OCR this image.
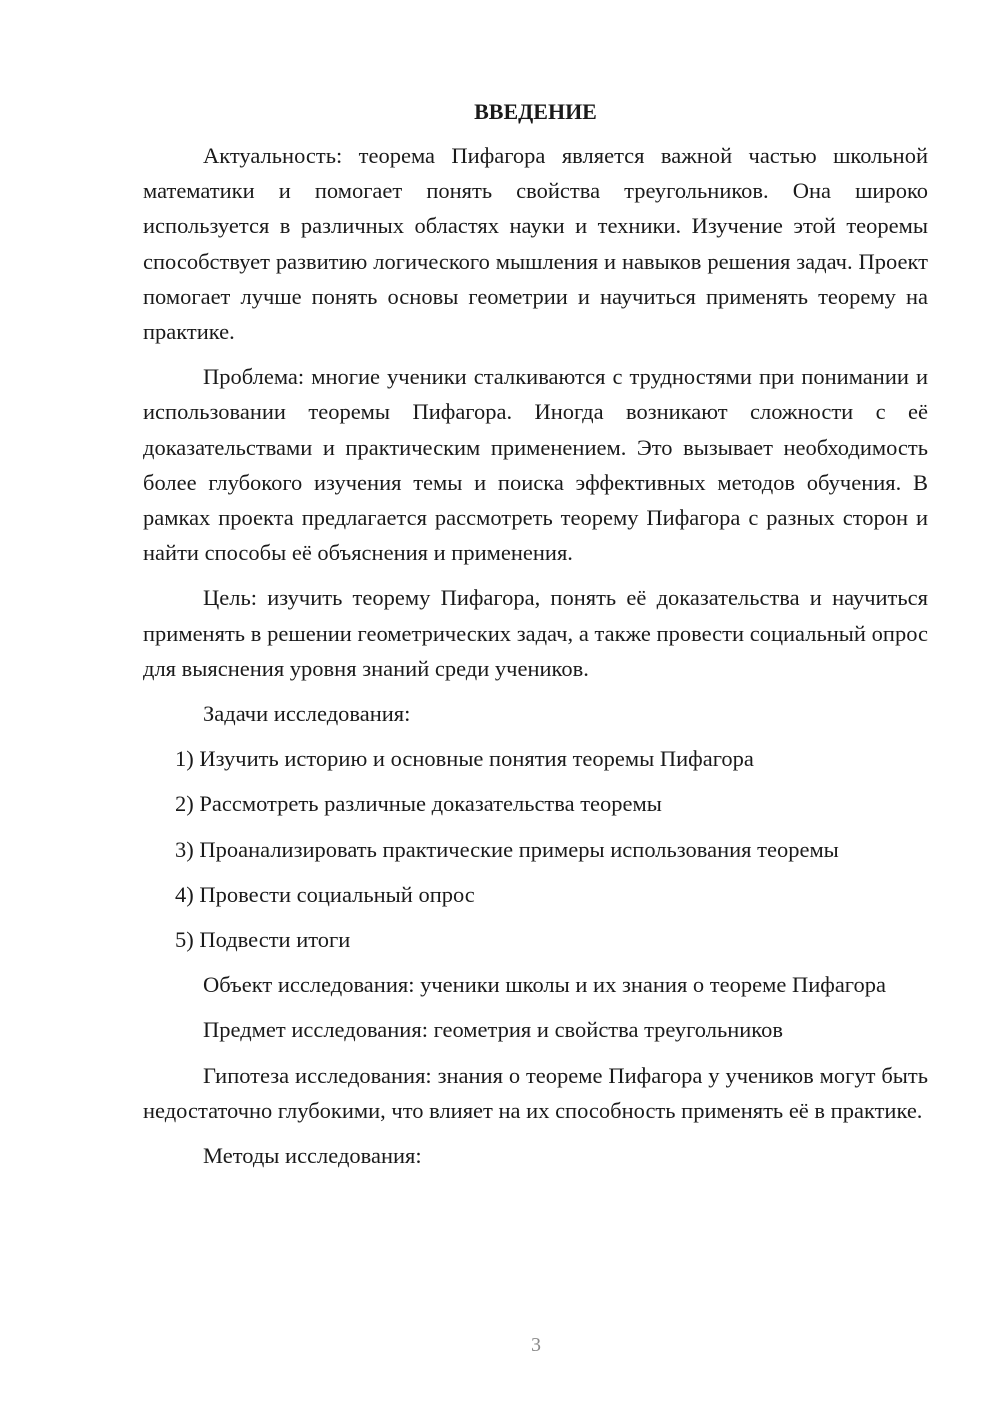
ВВЕДЕНИЕ

Актуальность: теорема Пифагора является важной частью школьной математики и помогает понять свойства треугольников. Она широко используется в различных областях науки и техники. Изучение этой теоремы способствует развитию логического мышления и навыков решения задач. Проект помогает лучше понять основы геометрии и научиться применять теорему на практике.

Проблема: многие ученики сталкиваются с трудностями при понимании и использовании теоремы Пифагора. Иногда возникают сложности с её доказательствами и практическим применением. Это вызывает необходимость более глубокого изучения темы и поиска эффективных методов обучения. В рамках проекта предлагается рассмотреть теорему Пифагора с разных сторон и найти способы её объяснения и применения.

Цель: изучить теорему Пифагора, понять её доказательства и научиться применять в решении геометрических задач, а также провести социальный опрос для выяснения уровня знаний среди учеников.

Задачи исследования:

1) Изучить историю и основные понятия теоремы Пифагора
2) Рассмотреть различные доказательства теоремы
3) Проанализировать практические примеры использования теоремы
4) Провести социальный опрос
5) Подвести итоги

Объект исследования: ученики школы и их знания о теореме Пифагора

Предмет исследования: геометрия и свойства треугольников

Гипотеза исследования: знания о теореме Пифагора у учеников могут быть недостаточно глубокими, что влияет на их способность применять её в практике.

Методы исследования:

3
